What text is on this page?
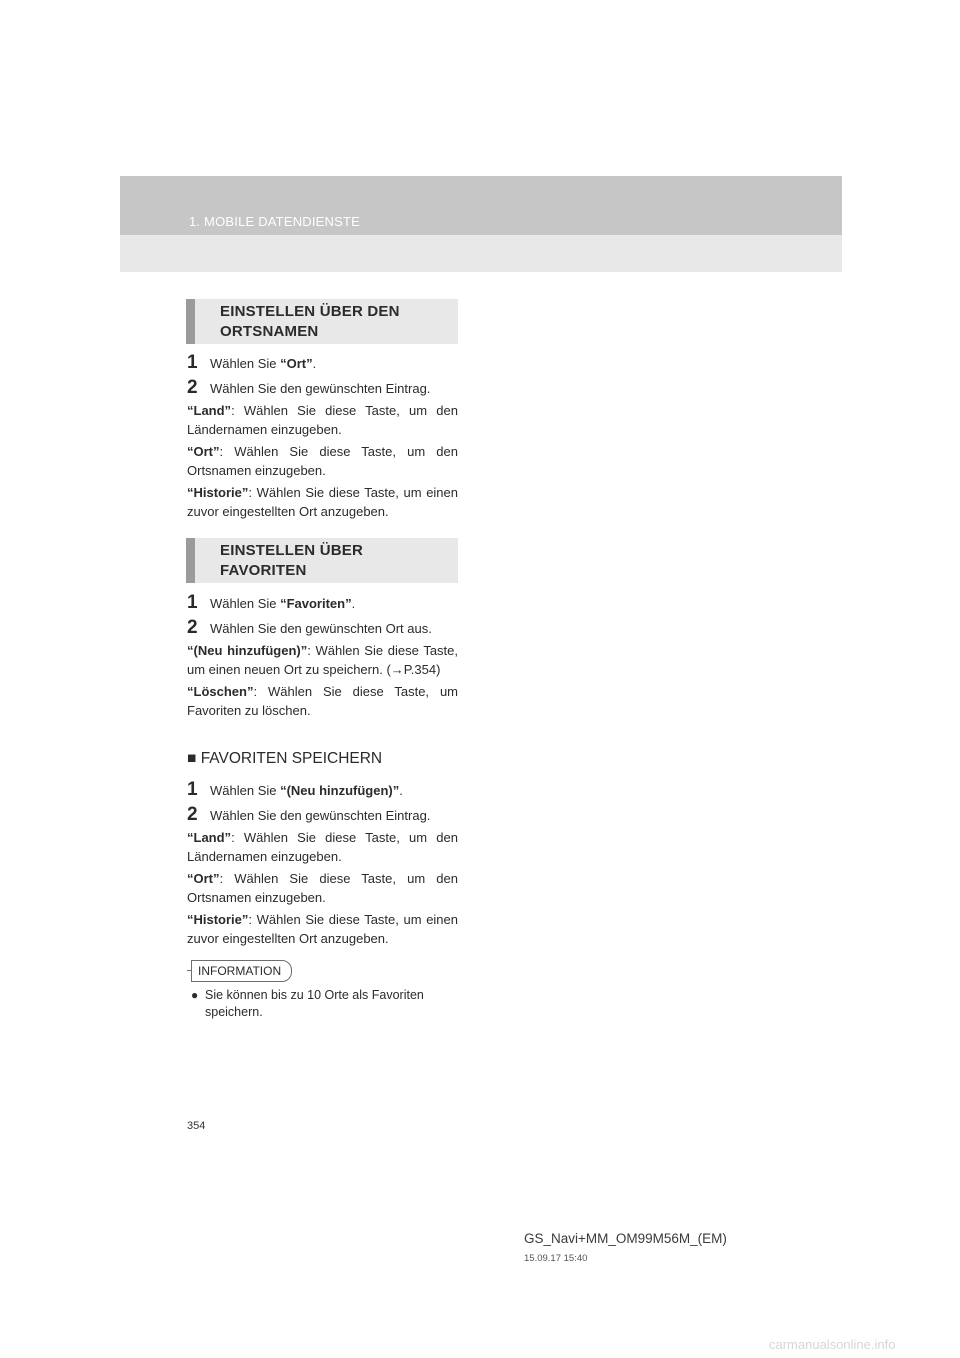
1. MOBILE DATENDIENSTE
EINSTELLEN ÜBER DEN ORTSNAMEN
1 Wählen Sie “Ort”.
2 Wählen Sie den gewünschten Eintrag.

“Land”: Wählen Sie diese Taste, um den Ländernamen einzugeben.

“Ort”: Wählen Sie diese Taste, um den Ortsnamen einzugeben.

“Historie”: Wählen Sie diese Taste, um einen zuvor eingestellten Ort anzugeben.

EINSTELLEN ÜBER FAVORITEN
1 Wählen Sie “Favoriten”.
2 Wählen Sie den gewünschten Ort aus.

“(Neu hinzufügen)”: Wählen Sie diese Taste, um einen neuen Ort zu speichern. (→P.354)

“Löschen”: Wählen Sie diese Taste, um Favoriten zu löschen.

■ FAVORITEN SPEICHERN
1 Wählen Sie “(Neu hinzufügen)”.
2 Wählen Sie den gewünschten Eintrag.

“Land”: Wählen Sie diese Taste, um den Ländernamen einzugeben.

“Ort”: Wählen Sie diese Taste, um den Ortsnamen einzugeben.

“Historie”: Wählen Sie diese Taste, um einen zuvor eingestellten Ort anzugeben.

INFORMATION
● Sie können bis zu 10 Orte als Favoriten speichern.
354
GS_Navi+MM_OM99M56M_(EM)
15.09.17 15:40
carmanualsonline.info
